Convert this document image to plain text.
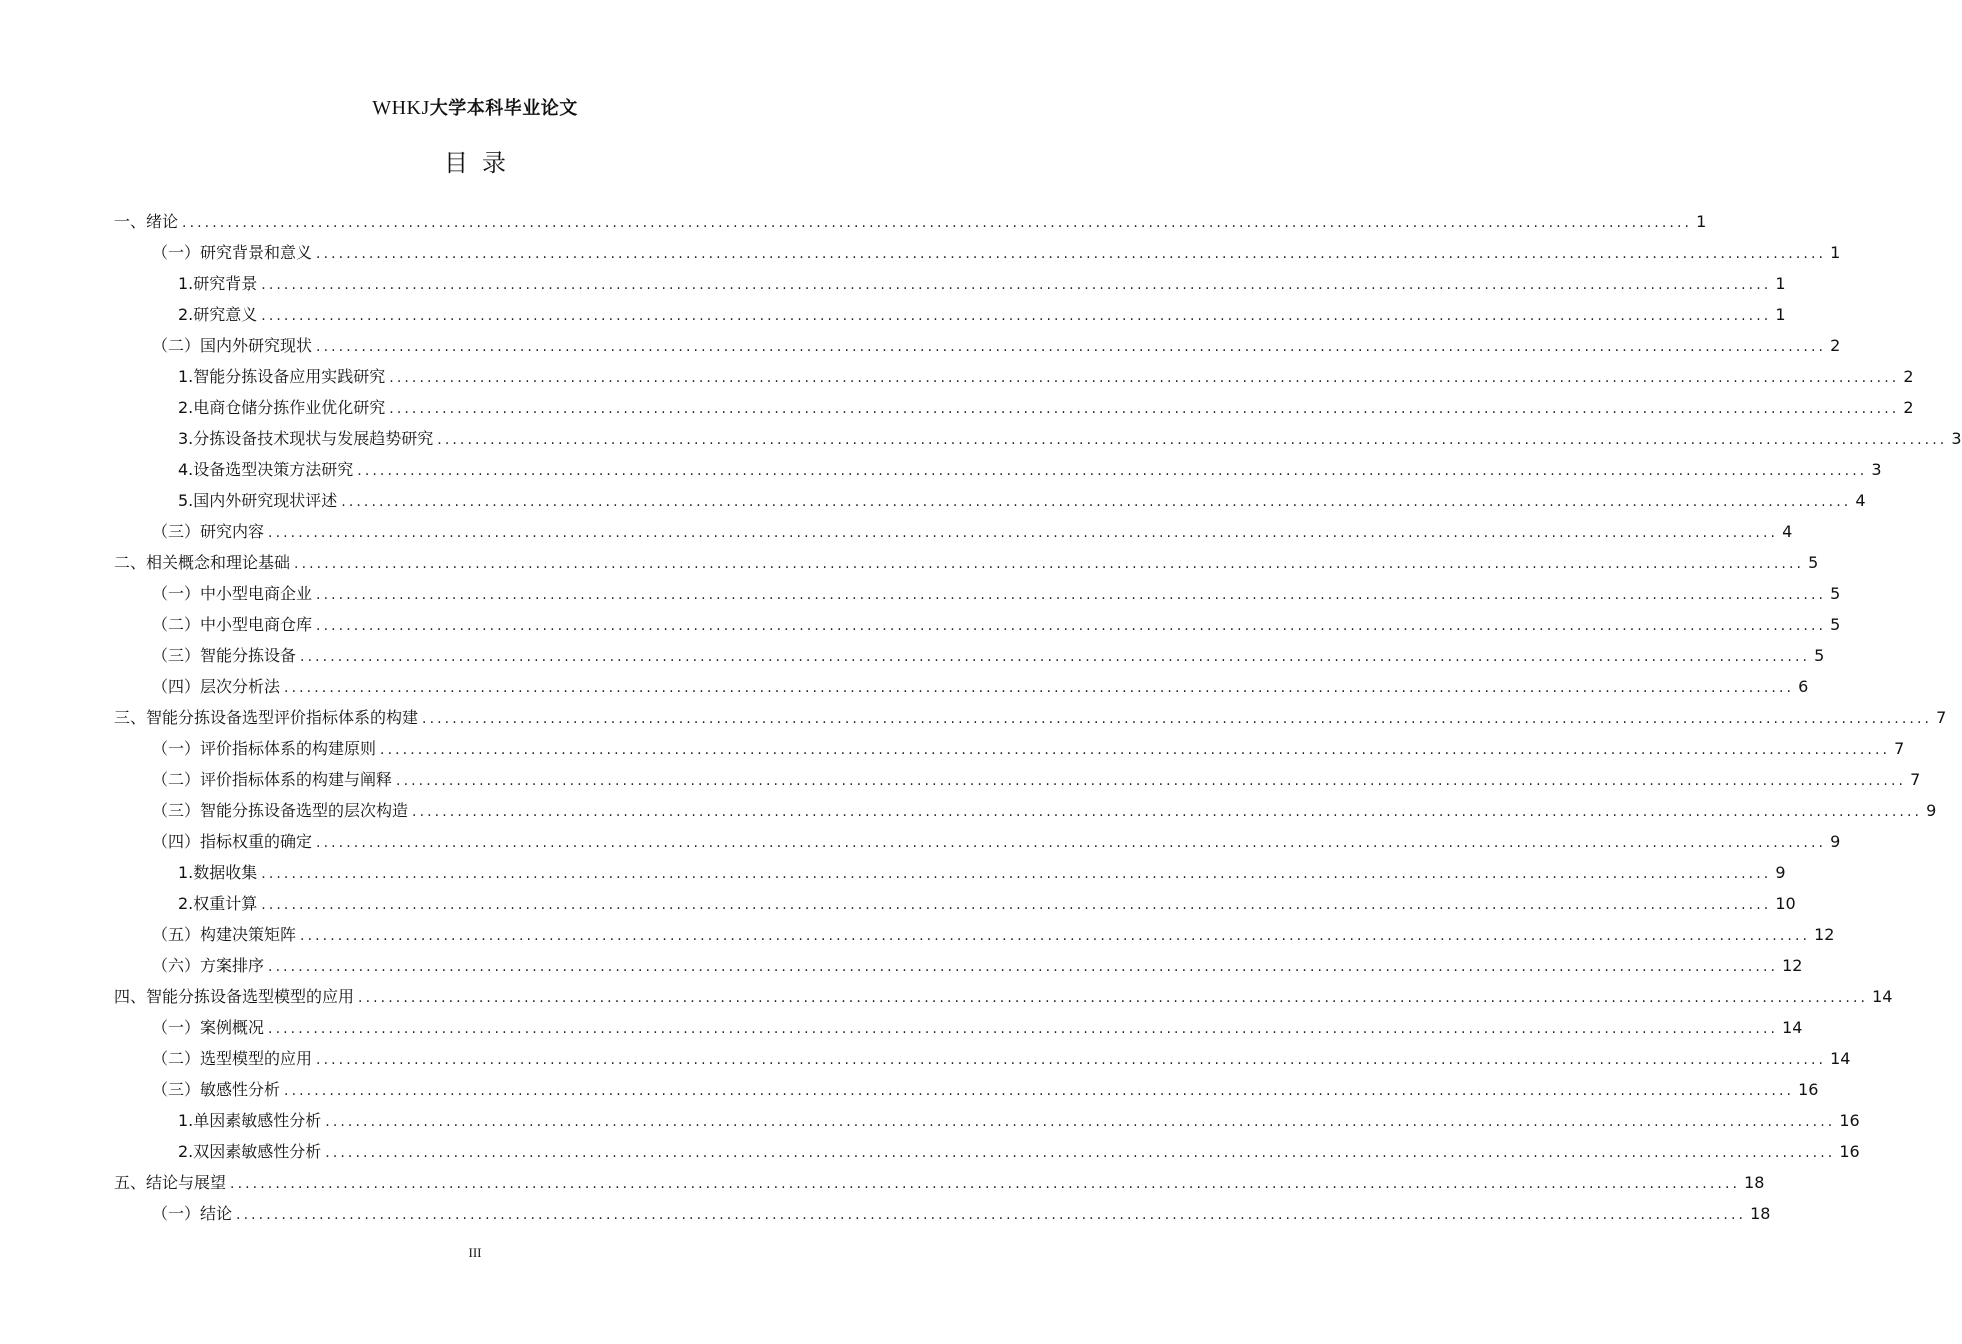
WHKJ大学本科毕业论文
目录
一、绪论 ........................................................................................................................................................................................................ 1
（一）研究背景和意义 ........................................................................................................................................................................................................ 1
1.研究背景 ........................................................................................................................................................................................................ 1
2.研究意义 ........................................................................................................................................................................................................ 1
（二）国内外研究现状 ........................................................................................................................................................................................................ 2
1.智能分拣设备应用实践研究 ........................................................................................................................................................................................................ 2
2.电商仓储分拣作业优化研究 ........................................................................................................................................................................................................ 2
3.分拣设备技术现状与发展趋势研究 ........................................................................................................................................................................................................ 3
4.设备选型决策方法研究 ........................................................................................................................................................................................................ 3
5.国内外研究现状评述 ........................................................................................................................................................................................................ 4
（三）研究内容 ........................................................................................................................................................................................................ 4
二、相关概念和理论基础 ........................................................................................................................................................................................................ 5
（一）中小型电商企业 ........................................................................................................................................................................................................ 5
（二）中小型电商仓库 ........................................................................................................................................................................................................ 5
（三）智能分拣设备 ........................................................................................................................................................................................................ 5
（四）层次分析法 ........................................................................................................................................................................................................ 6
三、智能分拣设备选型评价指标体系的构建 ........................................................................................................................................................................................................ 7
（一）评价指标体系的构建原则 ........................................................................................................................................................................................................ 7
（二）评价指标体系的构建与阐释 ........................................................................................................................................................................................................ 7
（三）智能分拣设备选型的层次构造 ........................................................................................................................................................................................................ 9
（四）指标权重的确定 ........................................................................................................................................................................................................ 9
1.数据收集 ........................................................................................................................................................................................................ 9
2.权重计算 ........................................................................................................................................................................................................ 10
（五）构建决策矩阵 ........................................................................................................................................................................................................ 12
（六）方案排序 ........................................................................................................................................................................................................ 12
四、智能分拣设备选型模型的应用 ........................................................................................................................................................................................................ 14
（一）案例概况 ........................................................................................................................................................................................................ 14
（二）选型模型的应用 ........................................................................................................................................................................................................ 14
（三）敏感性分析 ........................................................................................................................................................................................................ 16
1.单因素敏感性分析 ........................................................................................................................................................................................................ 16
2.双因素敏感性分析 ........................................................................................................................................................................................................ 16
五、结论与展望 ........................................................................................................................................................................................................ 18
（一）结论 ........................................................................................................................................................................................................ 18
III
